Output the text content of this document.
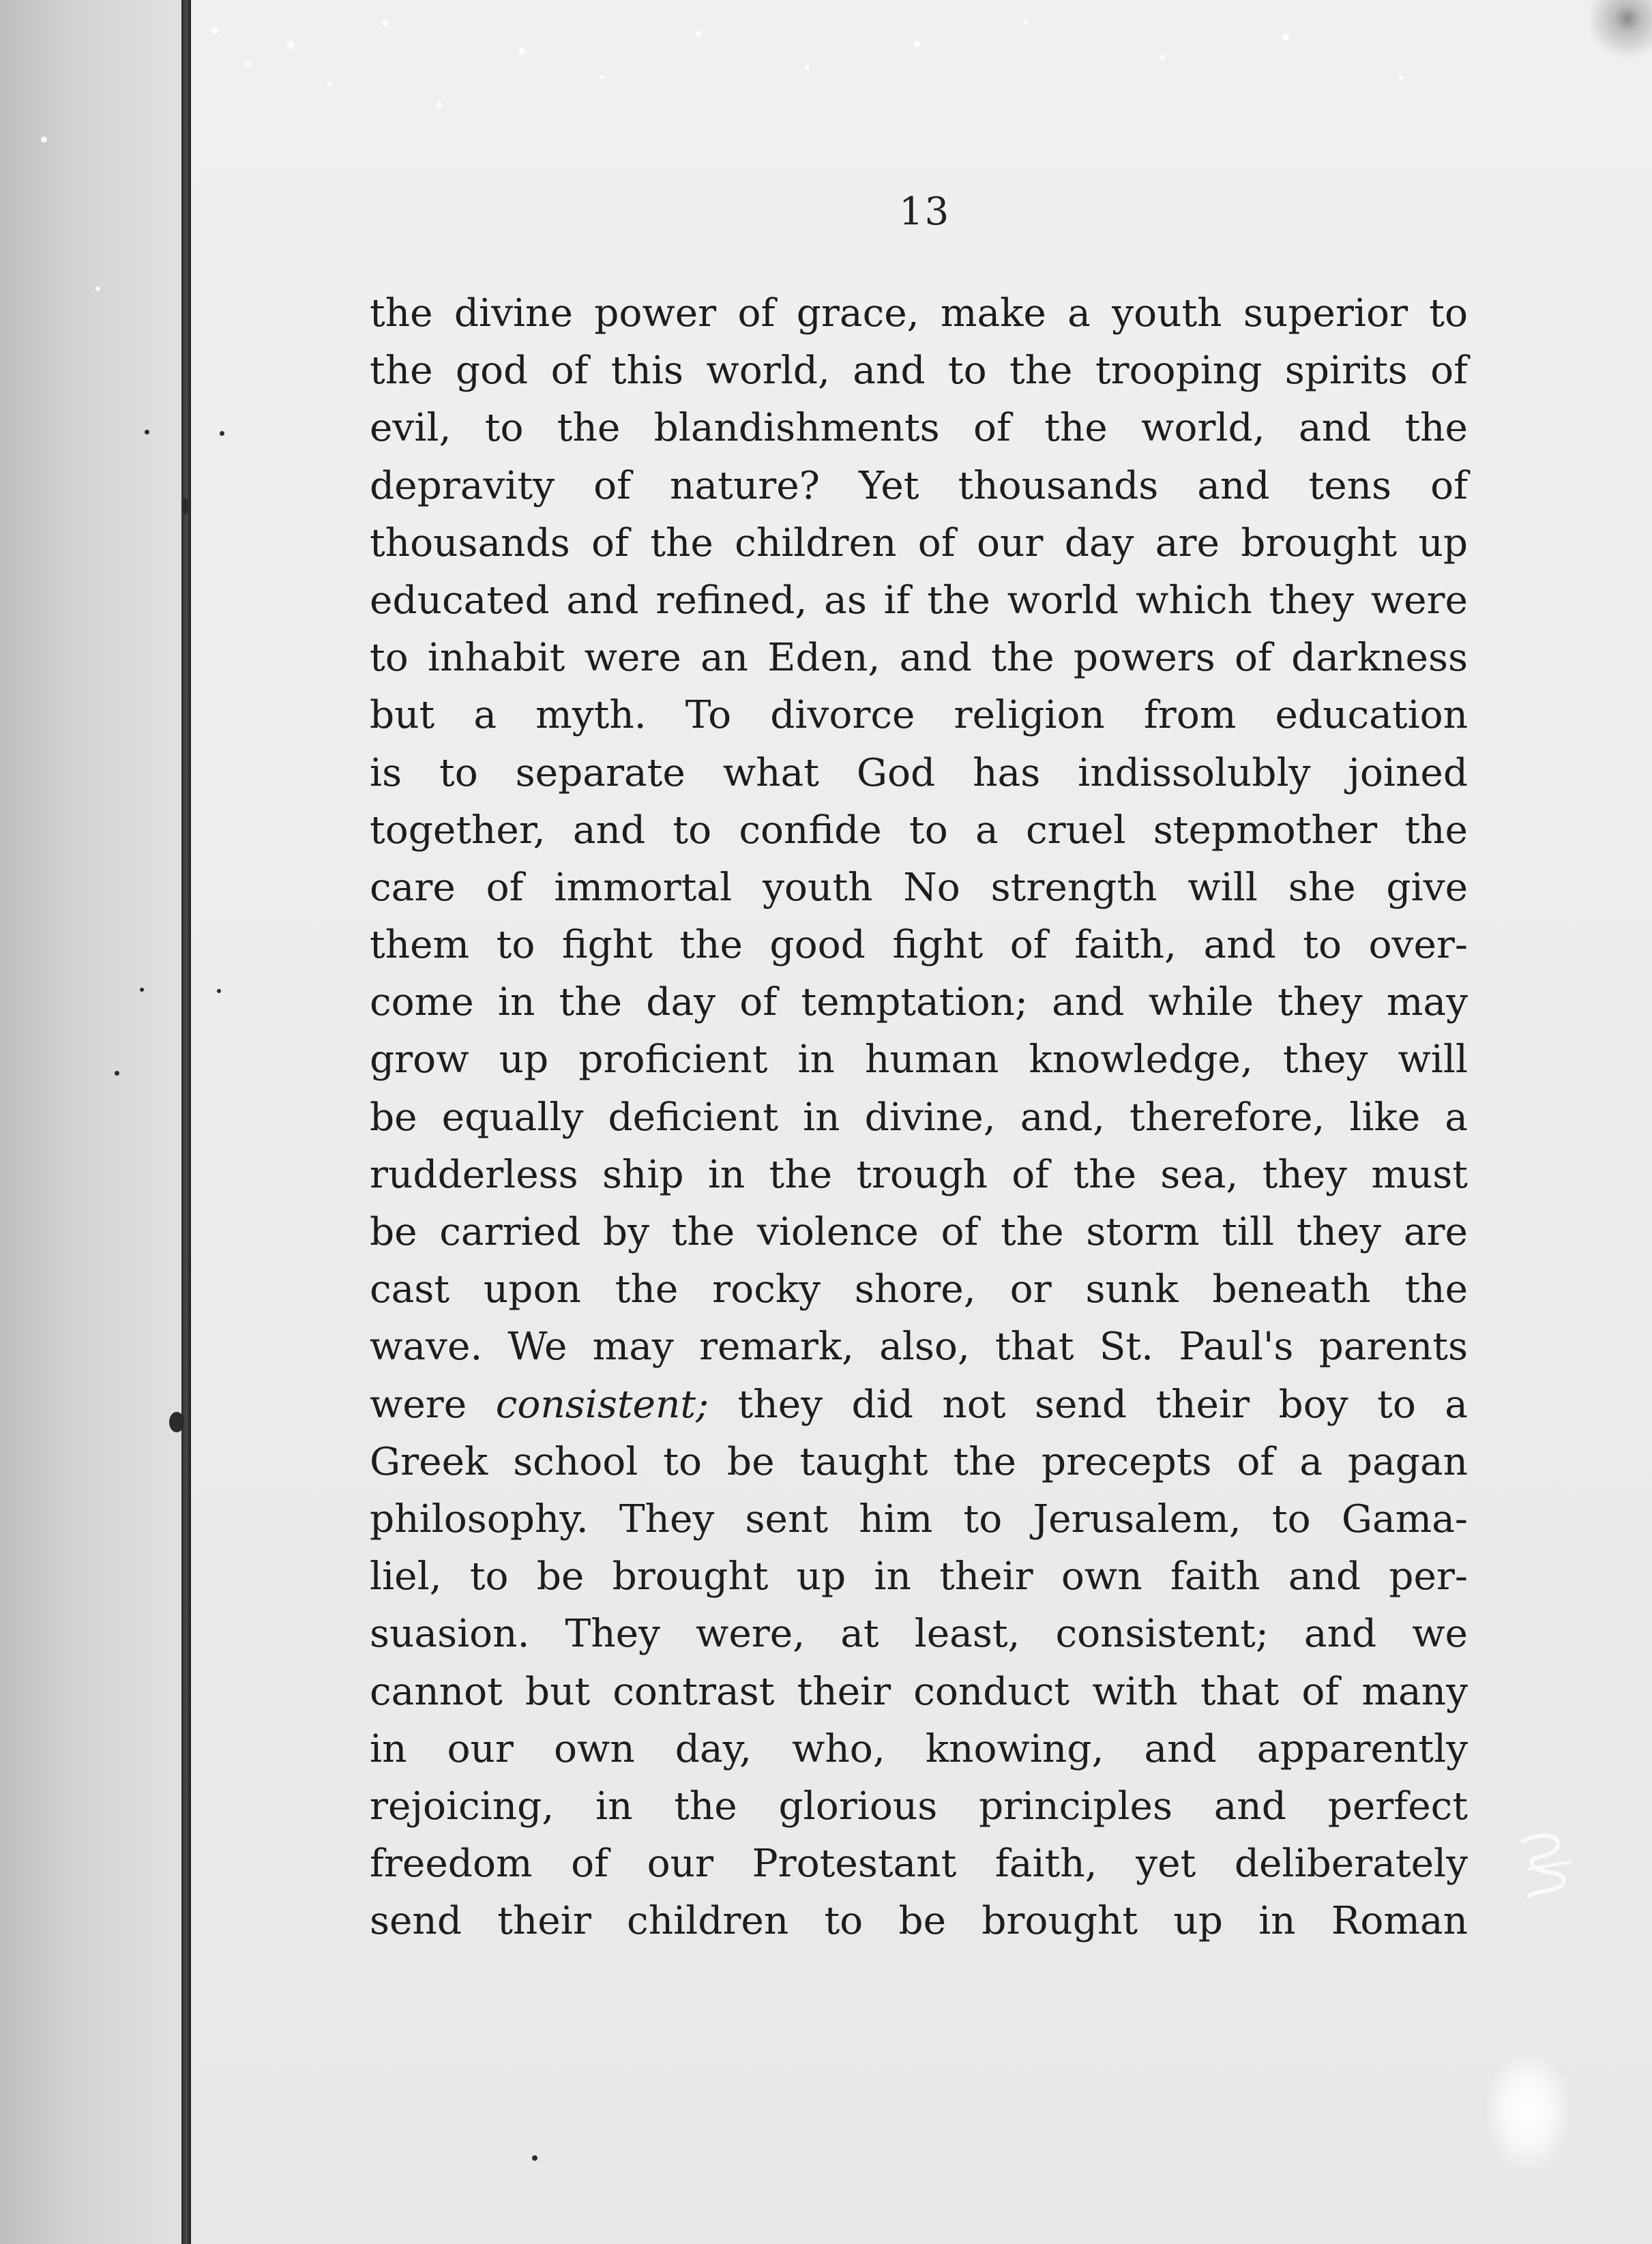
13
the divine power of grace, make a youth superior to
the god of this world, and to the trooping spirits of
evil, to the blandishments of the world, and the
depravity of nature? Yet thousands and tens of
thousands of the children of our day are brought up
educated and refined, as if the world which they were
to inhabit were an Eden, and the powers of darkness
but a myth. To divorce religion from education
is to separate what God has indissolubly joined
together, and to confide to a cruel stepmother the
care of immortal youth No strength will she give
them to fight the good fight of faith, and to over-
come in the day of temptation; and while they may
grow up proficient in human knowledge, they will
be equally deficient in divine, and, therefore, like a
rudderless ship in the trough of the sea, they must
be carried by the violence of the storm till they are
cast upon the rocky shore, or sunk beneath the
wave. We may remark, also, that St. Paul's parents
were consistent; they did not send their boy to a
Greek school to be taught the precepts of a pagan
philosophy. They sent him to Jerusalem, to Gama-
liel, to be brought up in their own faith and per-
suasion. They were, at least, consistent; and we
cannot but contrast their conduct with that of many
in our own day, who, knowing, and apparently
rejoicing, in the glorious principles and perfect
freedom of our Protestant faith, yet deliberately
send their children to be brought up in Roman
